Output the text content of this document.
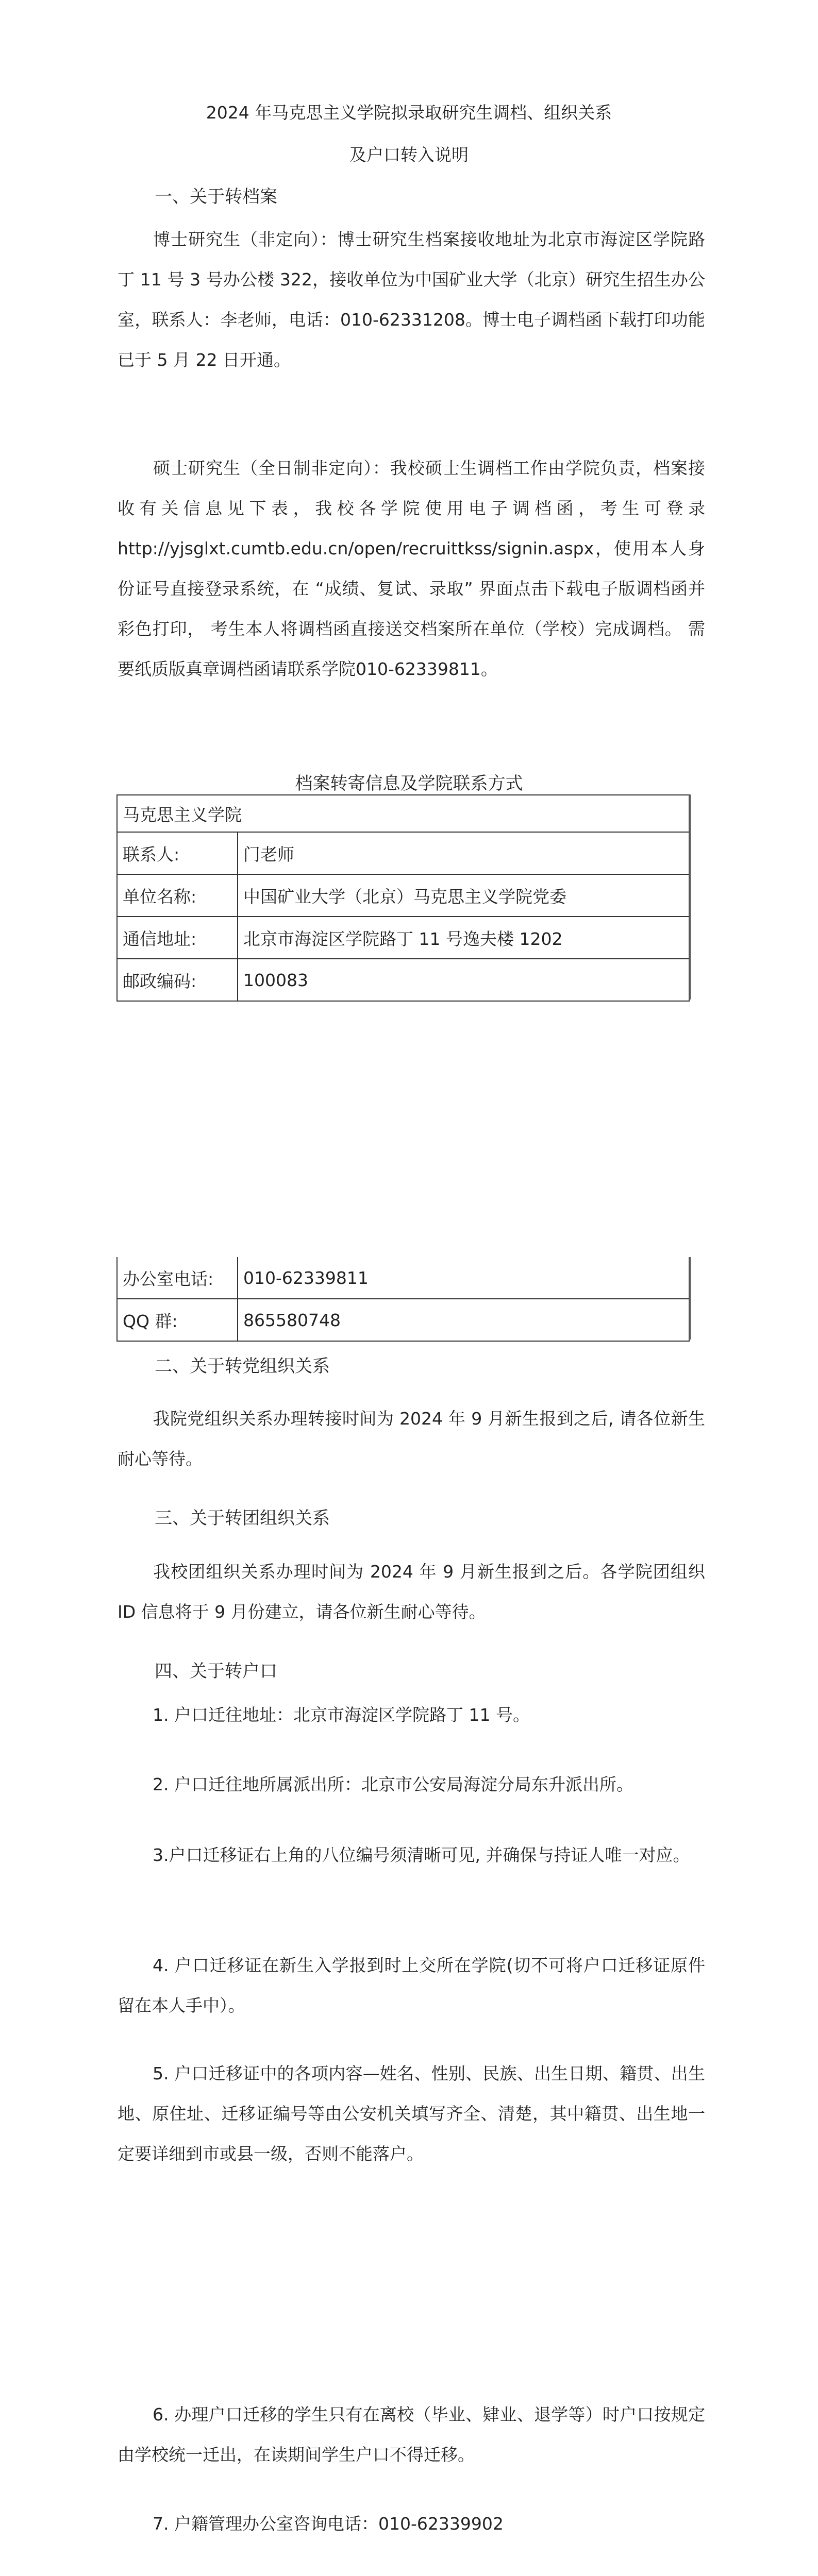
2024 年马克思主义学院拟录取研究生调档、组织关系
及户口转入说明
一、关于转档案
博士研究生（非定向）：博士研究生档案接收地址为北京市海淀区学院路丁 11 号 3 号办公楼 322，接收单位为中国矿业大学（北京）研究生招生办公室，联系人：李老师，电话：010-62331208。博士电子调档函下载打印功能已于 5 月 22 日开通。
硕士研究生（全日制非定向）：我校硕士生调档工作由学院负责，档案接收有关信息见下表，我校各学院使用电子调档函，考生可登录 http://yjsglxt.cumtb.edu.cn/open/recruittkss/signin.aspx，使用本人身份证号直接登录系统，在 “成绩、复试、录取” 界面点击下载电子版调档函并彩色打印， 考生本人将调档函直接送交档案所在单位（学校）完成调档。 需要纸质版真章调档函请联系学院010-62339811。
档案转寄信息及学院联系方式
马克思主义学院	
联系人:	门老师
单位名称:	中国矿业大学（北京）马克思主义学院党委
通信地址:	北京市海淀区学院路丁 11 号逸夫楼 1202
邮政编码:	100083
办公室电话:	010-62339811
QQ 群:	865580748
二、关于转党组织关系
我院党组织关系办理转接时间为 2024 年 9 月新生报到之后, 请各位新生耐心等待。
三、关于转团组织关系
我校团组织关系办理时间为 2024 年 9 月新生报到之后。各学院团组织 ID 信息将于 9 月份建立，请各位新生耐心等待。
四、关于转户口
1. 户口迁往地址：北京市海淀区学院路丁 11 号。
2. 户口迁往地所属派出所：北京市公安局海淀分局东升派出所。
3.户口迁移证右上角的八位编号须清晰可见, 并确保与持证人唯一对应。
4. 户口迁移证在新生入学报到时上交所在学院(切不可将户口迁移证原件留在本人手中）。
5. 户口迁移证中的各项内容—姓名、性别、民族、出生日期、籍贯、出生地、原住址、迁移证编号等由公安机关填写齐全、清楚，其中籍贯、出生地一定要详细到市或县一级，否则不能落户。
6. 办理户口迁移的学生只有在离校（毕业、肄业、退学等）时户口按规定由学校统一迁出，在读期间学生户口不得迁移。
7. 户籍管理办公室咨询电话：010-62339902
